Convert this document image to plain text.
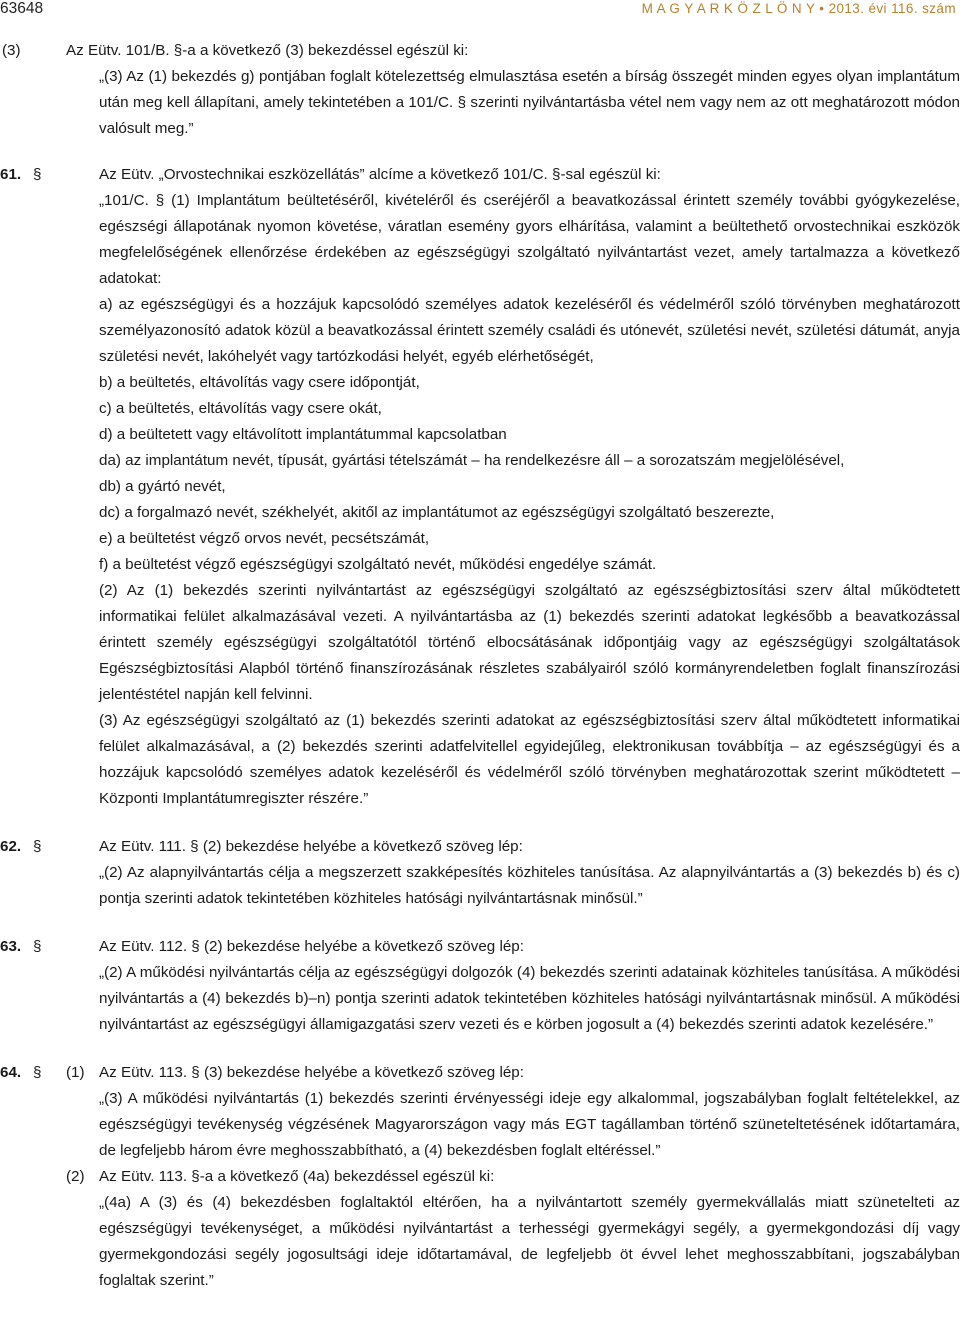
63648	M A G Y A R K Ö Z L Ö N Y • 2013. évi 116. szám
(3)	Az Eütv. 101/B. §-a a következő (3) bekezdéssel egészül ki:

„(3) Az (1) bekezdés g) pontjában foglalt kötelezettség elmulasztása esetén a bírság összegét minden egyes olyan implantátum után meg kell állapítani, amely tekintetében a 101/C. § szerinti nyilvántartásba vétel nem vagy nem az ott meghatározott módon valósult meg.”

61. §	Az Eütv. „Orvostechnikai eszközellátás” alcíme a következő 101/C. §-sal egészül ki:

„101/C. § (1) Implantátum beültetéséről, kivételéről és cseréjéről a beavatkozással érintett személy további gyógykezelése, egészségi állapotának nyomon követése, váratlan esemény gyors elhárítása, valamint a beültethető orvostechnikai eszközök megfelelőségének ellenőrzése érdekében az egészségügyi szolgáltató nyilvántartást vezet, amely tartalmazza a következő adatokat:

a) az egészségügyi és a hozzájuk kapcsolódó személyes adatok kezeléséről és védelméről szóló törvényben meghatározott személyazonosító adatok közül a beavatkozással érintett személy családi és utónevét, születési nevét, születési dátumát, anyja születési nevét, lakóhelyét vagy tartózkodási helyét, egyéb elérhetőségét,

b) a beültetés, eltávolítás vagy csere időpontját,

c) a beültetés, eltávolítás vagy csere okát,

d) a beültetett vagy eltávolított implantátummal kapcsolatban

da) az implantátum nevét, típusát, gyártási tételszámát – ha rendelkezésre áll – a sorozatszám megjelölésével,

db) a gyártó nevét,

dc) a forgalmazó nevét, székhelyét, akitől az implantátumot az egészségügyi szolgáltató beszerezte,

e) a beültetést végző orvos nevét, pecsétszámát,

f) a beültetést végző egészségügyi szolgáltató nevét, működési engedélye számát.

(2) Az (1) bekezdés szerinti nyilvántartást az egészségügyi szolgáltató az egészségbiztosítási szerv által működtetett informatikai felület alkalmazásával vezeti. A nyilvántartásba az (1) bekezdés szerinti adatokat legkésőbb a beavatkozással érintett személy egészségügyi szolgáltatótól történő elbocsátásának időpontjáig vagy az egészségügyi szolgáltatások Egészségbiztosítási Alapból történő finanszírozásának részletes szabályairól szóló kormányrendeletben foglalt finanszírozási jelentéstétel napján kell felvinni.

(3) Az egészségügyi szolgáltató az (1) bekezdés szerinti adatokat az egészségbiztosítási szerv által működtetett informatikai felület alkalmazásával, a (2) bekezdés szerinti adatfelvitellel egyidejűleg, elektronikusan továbbítja – az egészségügyi és a hozzájuk kapcsolódó személyes adatok kezeléséről és védelméről szóló törvényben meghatározottak szerint működtetett – Központi Implantátumregiszter részére.”

62. §	Az Eütv. 111. § (2) bekezdése helyébe a következő szöveg lép:

„(2) Az alapnyilvántartás célja a megszerzett szakképesítés közhiteles tanúsítása. Az alapnyilvántartás a (3) bekezdés b) és c) pontja szerinti adatok tekintetében közhiteles hatósági nyilvántartásnak minősül.”

63. §	Az Eütv. 112. § (2) bekezdése helyébe a következő szöveg lép:

„(2) A működési nyilvántartás célja az egészségügyi dolgozók (4) bekezdés szerinti adatainak közhiteles tanúsítása. A működési nyilvántartás a (4) bekezdés b)–n) pontja szerinti adatok tekintetében közhiteles hatósági nyilvántartásnak minősül. A működési nyilvántartást az egészségügyi államigazgatási szerv vezeti és e körben jogosult a (4) bekezdés szerinti adatok kezelésére.”

64. § (1) Az Eütv. 113. § (3) bekezdése helyébe a következő szöveg lép:

„(3) A működési nyilvántartás (1) bekezdés szerinti érvényességi ideje egy alkalommal, jogszabályban foglalt feltételekkel, az egészségügyi tevékenység végzésének Magyarországon vagy más EGT tagállamban történő szüneteltetésének időtartamára, de legfeljebb három évre meghosszabbítható, a (4) bekezdésben foglalt eltéréssel.”

(2) Az Eütv. 113. §-a a következő (4a) bekezdéssel egészül ki:

„(4a) A (3) és (4) bekezdésben foglaltaktól eltérően, ha a nyilvántartott személy gyermekvállalás miatt szünetelteti az egészségügyi tevékenységet, a működési nyilvántartást a terhességi gyermekágyi segély, a gyermekgondozási díj vagy gyermekgondozási segély jogosultsági ideje időtartamával, de legfeljebb öt évvel lehet meghosszabbítani, jogszabályban foglaltak szerint.”
